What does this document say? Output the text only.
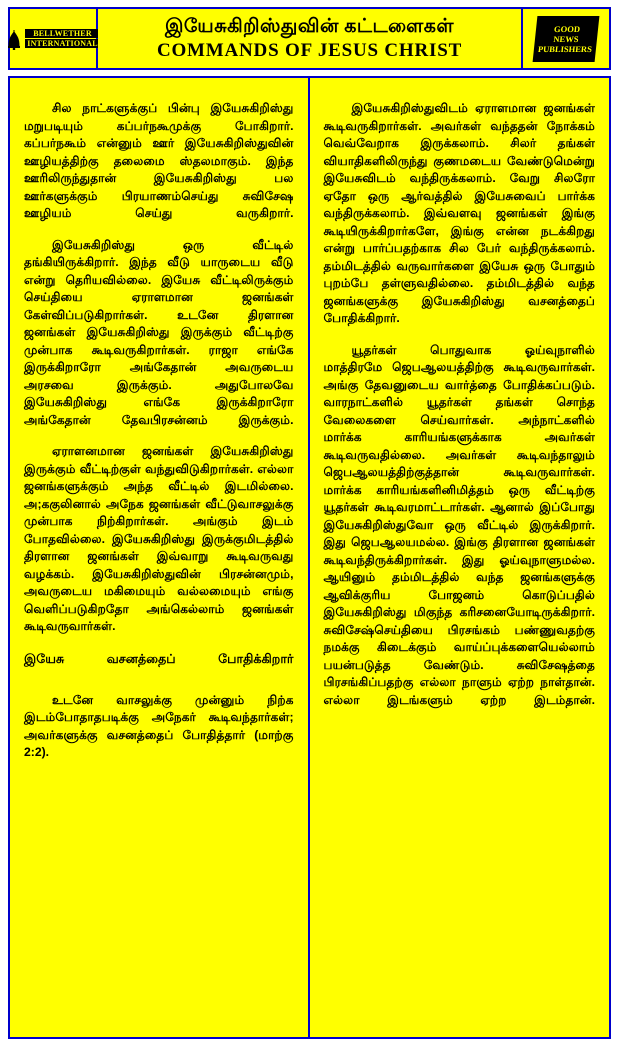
BELLWETHER
INTERNATIONAL
இயேசுகிறிஸ்துவின் கட்டளைகள்
COMMANDS OF JESUS CHRIST
GOOD
NEWS
PUBLISHERS

சில நாட்களுக்குப் பின்பு இயேசுகிறிஸ்து மறுபடியும் கப்பர்நகூமுக்கு போகிறார். கப்பர்நகூம் என்னும் ஊர் இயேசுகிறிஸ்துவின் ஊழியத்திற்கு தலைமை ஸ்தலமாகும். இந்த ஊரிலிருந்துதான் இயேசுகிறிஸ்து பல ஊர்களுக்கும் பிரயாணம்செய்து சுவிசேஷ ஊழியம் செய்து வருகிறார்.

இயேசுகிறிஸ்து ஒரு வீட்டில் தங்கியிருக்கிறார். இந்த வீடு யாருடைய வீடு என்று தெரியவில்லை. இயேசு வீட்டிலிருக்கும் செய்தியை ஏராளமான ஜனங்கள் கேள்விப்படுகிறார்கள். உடனே திரளான ஜனங்கள் இயேசுகிறிஸ்து இருக்கும் வீட்டிற்கு முன்பாக கூடிவருகிறார்கள். ராஜா எங்கே இருக்கிறாரோ அங்கேதான் அவருடைய அரசவை இருக்கும். அதுபோலவே இயேசுகிறிஸ்து எங்கே இருக்கிறாரோ அங்கேதான் தேவபிரசன்னம் இருக்கும்.

ஏராளனமான ஜனங்கள் இயேசுகிறிஸ்து இருக்கும் வீட்டிற்குள் வந்துவிடுகிறார்கள். எல்லா ஜனங்களுக்கும் அந்த வீட்டில் இடமில்லை. அ;ககுலினால் அநேக ஜனங்கள் வீட்டுவாசலுக்கு முன்பாக நிற்கிறார்கள். அங்கும் இடம் போதவில்லை. இயேசுகிறிஸ்து இருக்குமிடத்தில் திரளான ஜனங்கள் இவ்வாறு கூடிவருவது வழக்கம். இயேசுகிறிஸ்துவின் பிரசன்னமும், அவருடைய மகிமையும் வல்லமையும் எங்கு வெளிப்படுகிறதோ அங்கெல்லாம் ஜனங்கள் கூடிவருவார்கள்.

இயேசு வசனத்தைப் போதிக்கிறார்

உடனே வாசலுக்கு முன்னும் நிற்க இடம்போதாதபடிக்கு அநேகர் கூடிவந்தார்கள்; அவர்களுக்கு வசனத்தைப் போதித்தார் (மாற்கு 2:2).

இயேசுகிறிஸ்துவிடம் ஏராளமான ஜனங்கள் கூடிவருகிறார்கள். அவர்கள் வந்ததன் நோக்கம் வெவ்வேறாக இருக்கலாம். சிலர் தங்கள் வியாதிகளிலிருந்து குணமடைய வேண்டுமென்று இயேசுவிடம் வந்திருக்கலாம். வேறு சிலரோ ஏதோ ஒரு ஆர்வத்தில் இயேசுவைப் பார்க்க வந்திருக்கலாம். இவ்வளவு ஜனங்கள் இங்கு கூடியிருக்கிறார்களே, இங்கு என்ன நடக்கிறது என்று பார்ப்பதற்காக சில பேர் வந்திருக்கலாம். தம்மிடத்தில் வருவார்களை இயேசு ஒரு போதும் புறம்பே தள்ளுவதில்லை. தம்மிடத்தில் வந்த ஜனங்களுக்கு இயேசுகிறிஸ்து வசனத்தைப் போதிக்கிறார்.

யூதர்கள் பொதுவாக ஓய்வுநாளில் மாத்திரமே ஜெபஆலயத்திற்கு கூடிவருவார்கள். அங்கு தேவனுடைய வார்த்தை போதிக்கப்படும். வாரநாட்களில் யூதர்கள் தங்கள் சொந்த வேலைகளை செய்வார்கள். அந்நாட்களில் மார்க்க காரியங்களுக்காக அவர்கள் கூடிவருவதில்லை. அவர்கள் கூடிவந்தாலும் ஜெபஆலயத்திற்குத்தான் கூடிவருவார்கள். மார்க்க காரியங்களினிமித்தம் ஒரு வீட்டிற்கு யூதர்கள் கூடிவரமாட்டார்கள். ஆனால் இப்போது இயேசுகிறிஸ்துவோ ஒரு வீட்டில் இருக்கிறார். இது ஜெபஆலயமல்ல. இங்கு திரளான ஜனங்கள் கூடிவந்திருக்கிறார்கள். இது ஓய்வுநாளுமல்ல. ஆயினும் தம்மிடத்தில் வந்த ஜனங்களுக்கு ஆவிக்குரிய போஜனம் கொடுப்பதில் இயேசுகிறிஸ்து மிகுந்த கரிசனையோடிருக்கிறார். சுவிசேஷ்செய்தியை பிரசங்கம் பண்ணுவதற்கு நமக்கு கிடைக்கும் வாய்ப்புக்களையெல்லாம் பயன்படுத்த வேண்டும். சுவிசேஷத்தை பிரசங்கிப்பதற்கு எல்லா நாளும் ஏற்ற நாள்தான். எல்லா இடங்களும் ஏற்ற இடம்தான்.
